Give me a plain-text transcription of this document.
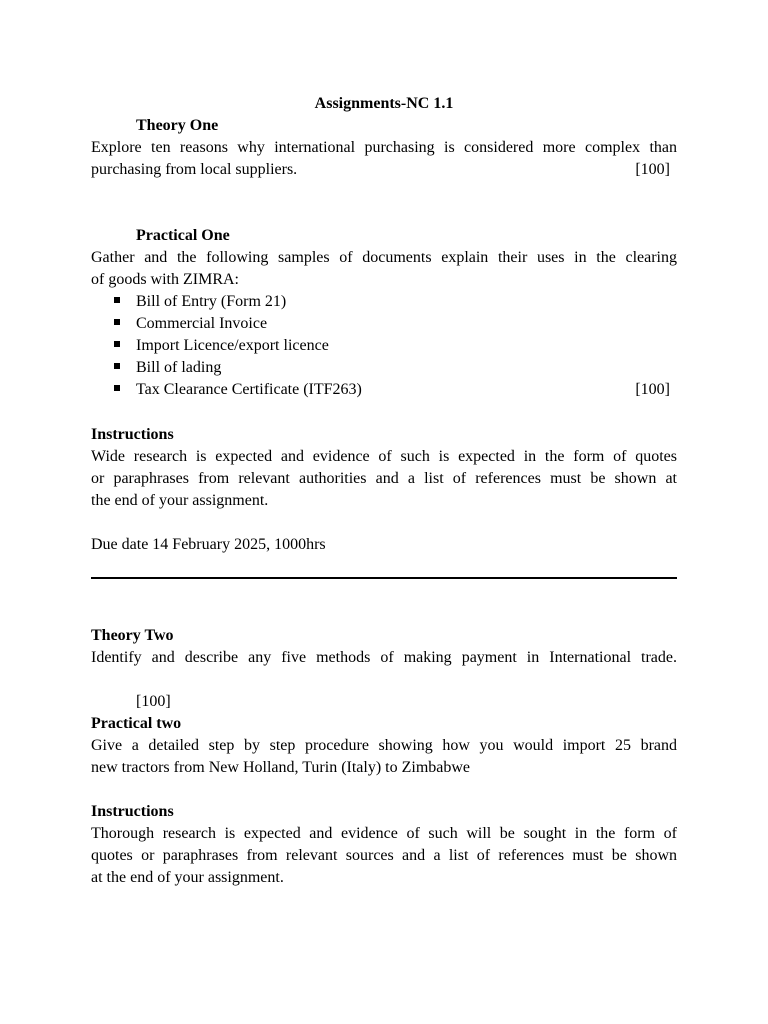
Assignments-NC 1.1
Theory One
Explore ten reasons why international purchasing is considered more complex than
purchasing from local suppliers.	[100]
Practical One
Gather and the following samples of documents explain their uses in the clearing
of goods with ZIMRA:
Bill of Entry (Form 21)
Commercial Invoice
Import Licence/export licence
Bill of lading
Tax Clearance Certificate (ITF263)	[100]
Instructions
Wide research is expected and evidence of such is expected in the form of quotes
or paraphrases from relevant authorities and a list of references must be shown at
the end of your assignment.
Due date 14 February 2025, 1000hrs
Theory Two
Identify and describe any five methods of making payment in International trade.
[100]
Practical two
Give a detailed step by step procedure showing how you would import 25 brand
new tractors from New Holland, Turin (Italy) to Zimbabwe
Instructions
Thorough research is expected and evidence of such will be sought in the form of
quotes or paraphrases from relevant sources and a list of references must be shown
at the end of your assignment.
